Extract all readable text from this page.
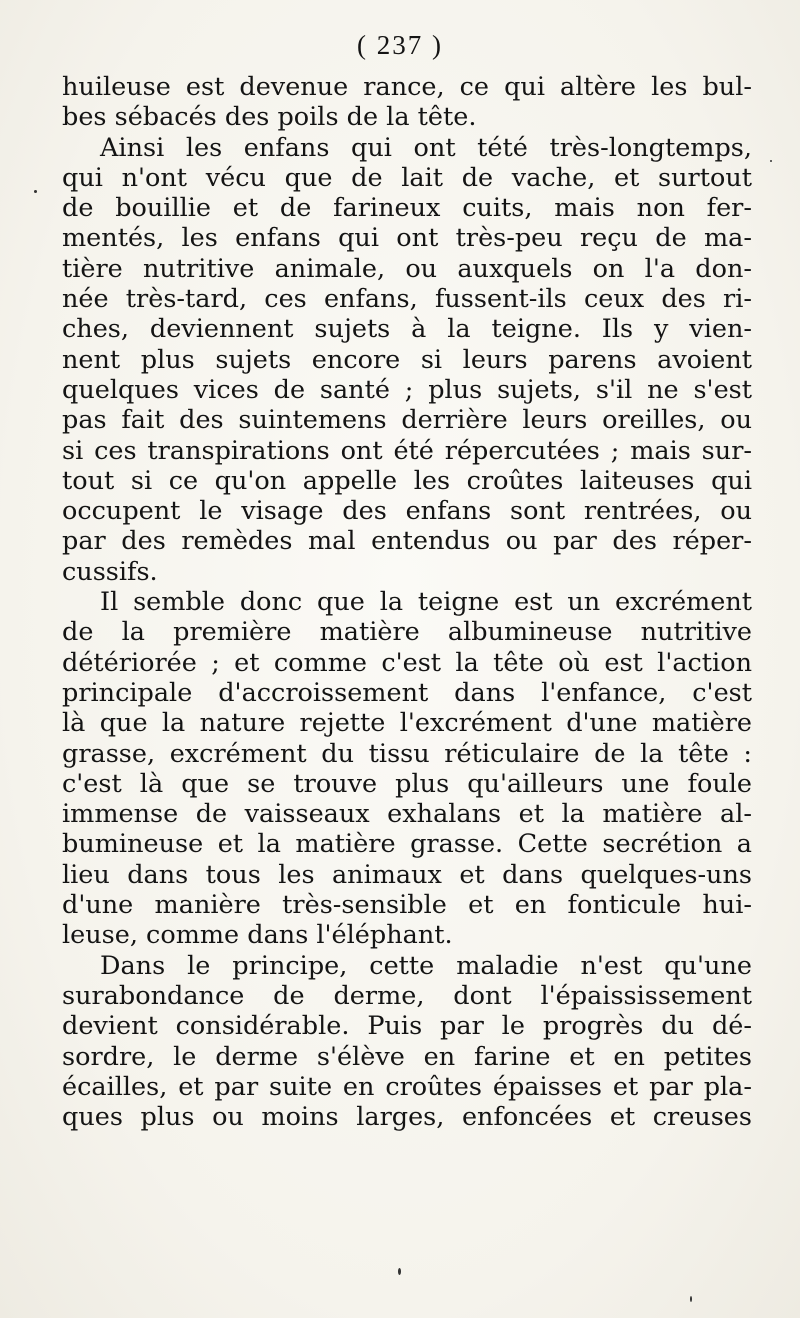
( 237 )
huileuse est devenue rance, ce qui altère les bul-
bes sébacés des poils de la tête.
Ainsi les enfans qui ont tété très-longtemps,
qui n'ont vécu que de lait de vache, et surtout
de bouillie et de farineux cuits, mais non fer-
mentés, les enfans qui ont très-peu reçu de ma-
tière nutritive animale, ou auxquels on l'a don-
née très-tard, ces enfans, fussent-ils ceux des ri-
ches, deviennent sujets à la teigne. Ils y vien-
nent plus sujets encore si leurs parens avoient
quelques vices de santé ; plus sujets, s'il ne s'est
pas fait des suintemens derrière leurs oreilles, ou
si ces transpirations ont été répercutées ; mais sur-
tout si ce qu'on appelle les croûtes laiteuses qui
occupent le visage des enfans sont rentrées, ou
par des remèdes mal entendus ou par des réper-
cussifs.
Il semble donc que la teigne est un excrément
de la première matière albumineuse nutritive
détériorée ; et comme c'est la tête où est l'action
principale d'accroissement dans l'enfance, c'est
là que la nature rejette l'excrément d'une matière
grasse, excrément du tissu réticulaire de la tête :
c'est là que se trouve plus qu'ailleurs une foule
immense de vaisseaux exhalans et la matière al-
bumineuse et la matière grasse. Cette secrétion a
lieu dans tous les animaux et dans quelques-uns
d'une manière très-sensible et en fonticule hui-
leuse, comme dans l'éléphant.
Dans le principe, cette maladie n'est qu'une
surabondance de derme, dont l'épaississement
devient considérable. Puis par le progrès du dé-
sordre, le derme s'élève en farine et en petites
écailles, et par suite en croûtes épaisses et par pla-
ques plus ou moins larges, enfoncées et creuses
